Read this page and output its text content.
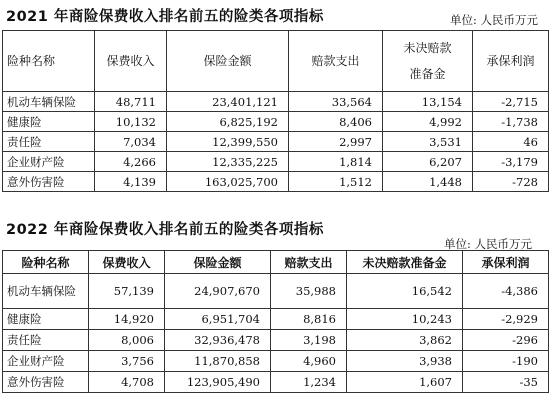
2021 年商险保费收入排名前五的险类各项指标	单位: 人民币万元
险种名称	保费收入	保险金额	赔款支出	未决赔款准备金	承保利润

机动车辆保险	48,711	23,401,121	33,564	13,154	-2,715
健康险	10,132	6,825,192	8,406	4,992	-1,738
责任险	7,034	12,399,550	2,997	3,531	46
企业财产险	4,266	12,335,225	1,814	6,207	-3,179
意外伤害险	4,139	163,025,700	1,512	1,448	-728
2022 年商险保费收入排名前五的险类各项指标
单位: 人民币万元
险种名称	保费收入	保险金额	赔款支出	未决赔款准备金	承保利润

机动车辆保险	57,139	24,907,670	35,988	16,542	-4,386
健康险	14,920	6,951,704	8,816	10,243	-2,929
责任险	8,006	32,936,478	3,198	3,862	-296
企业财产险	3,756	11,870,858	4,960	3,938	-190
意外伤害险	4,708	123,905,490	1,234	1,607	-35
